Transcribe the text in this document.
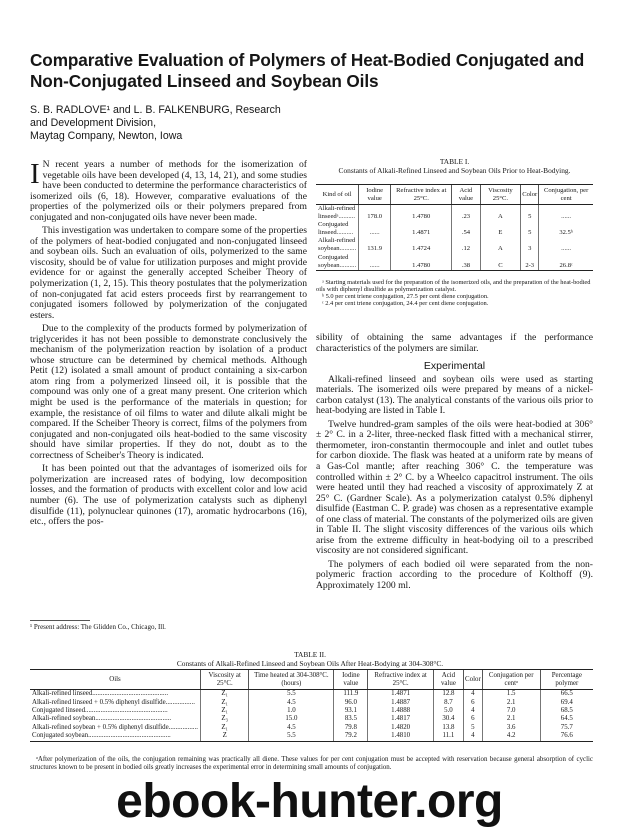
Comparative Evaluation of Polymers of Heat-Bodied Conjugated and Non-Conjugated Linseed and Soybean Oils
S. B. RADLOVE¹ and L. B. FALKENBURG, Research
and Development Division,
Maytag Company, Newton, Iowa

I N recent years a number of methods for the isomerization of vegetable oils have been developed (4, 13, 14, 21), and some studies have been conducted to determine the performance characteristics of isomerized oils (6, 18). However, comparative evaluations of the properties of the polymerized oils or their polymers prepared from conjugated and non-conjugated oils have never been made.

This investigation was undertaken to compare some of the properties of the polymers of heat-bodied conjugated and non-conjugated linseed and soybean oils. Such an evaluation of oils, polymerized to the same viscosity, should be of value for utilization purposes and might provide evidence for or against the generally accepted Scheiber Theory of polymerization (1, 2, 15). This theory postulates that the polymerization of non-conjugated fat acid esters proceeds first by rearrangement to conjugated isomers followed by polymerization of the conjugated esters.

Due to the complexity of the products formed by polymerization of triglycerides it has not been possible to demonstrate conclusively the mechanism of the polymerization reaction by isolation of a product whose structure can be determined by chemical methods. Although Petit (12) isolated a small amount of product containing a six-carbon atom ring from a polymerized linseed oil, it is possible that the compound was only one of a great many present. One criterion which might be used is the performance of the materials in question; for example, the resistance of oil films to water and dilute alkali might be compared. If the Scheiber Theory is correct, films of the polymers from conjugated and non-conjugated oils heat-bodied to the same viscosity should have similar properties. If they do not, doubt as to the correctness of Scheiber's Theory is indicated.

It has been pointed out that the advantages of isomerized oils for polymerization are increased rates of bodying, low decomposition losses, and the formation of products with excellent color and low acid number (6). The use of polymerization catalysts such as diphenyl disulfide (11), polynuclear quinones (17), aromatic hydrocarbons (16), etc., offers the pos-

¹ Present address: The Glidden Co., Chicago, Ill.
TABLE I.
Constants of Alkali-Refined Linseed and Soybean Oils Prior to Heat-Bodying.
Kind of oil	Iodine value	Refractive index at 25°C.	Acid value	Viscosity 25°C.	Color	Conjugation, per cent
Alkali-refined						
linseedᵃ..........	178.0	1.4780	.23	A	5	......
Conjugated						
linseed..........	......	1.4871	.54	E	5	32.5ᵇ
Alkali-refined						
soybean..........	131.9	1.4724	.12	A	3	......
Conjugated						
soybean..........	......	1.4780	.38	C	2-3	26.8ᶜ
ᵃ Starting materials used for the preparation of the isomerized oils, and the preparation of the heat-bodied oils with diphenyl disulfide as polymerization catalyst.
ᵇ 5.0 per cent triene conjugation, 27.5 per cent diene conjugation.
ᶜ 2.4 per cent triene conjugation, 24.4 per cent diene conjugation.

sibility of obtaining the same advantages if the performance characteristics of the polymers are similar.

Experimental

Alkali-refined linseed and soybean oils were used as starting materials. The isomerized oils were prepared by means of a nickel-carbon catalyst (13). The analytical constants of the various oils prior to heat-bodying are listed in Table I.

Twelve hundred-gram samples of the oils were heat-bodied at 306° ± 2° C. in a 2-liter, three-necked flask fitted with a mechanical stirrer, thermometer, iron-constantin thermocouple and inlet and outlet tubes for carbon dioxide. The flask was heated at a uniform rate by means of a Gas-Col mantle; after reaching 306° C. the temperature was controlled within ± 2° C. by a Wheelco capacitrol instrument. The oils were heated until they had reached a viscosity of approximately Z at 25° C. (Gardner Scale). As a polymerization catalyst 0.5% diphenyl disulfide (Eastman C. P. grade) was chosen as a representative example of one class of material. The constants of the polymerized oils are given in Table II. The slight viscosity differences of the various oils which arise from the extreme difficulty in heat-bodying oil to a prescribed viscosity are not considered significant.

The polymers of each bodied oil were separated from the non-polymeric fraction according to the procedure of Kolthoff (9). Approximately 1200 ml.

TABLE II.
Constants of Alkali-Refined Linseed and Soybean Oils After Heat-Bodying at 304-308°C.
Oils	Viscosity at 25°C.	Time heated at 304-308°C. (hours)	Iodine value	Refractive index at 25°C.	Acid value	Color	Conjugation per centᵃ	Percentage polymer
Alkali-refined linseed............................................	Z₁	5.5	111.9	1.4871	12.8	4	1.5	66.5
Alkali-refined linseed + 0.5% diphenyl disulfide.................	Z₁	4.5	96.0	1.4887	8.7	6	2.1	69.4
Conjugated linseed................................................	Z₁	1.0	93.1	1.4888	5.0	4	7.0	68.5
Alkali-refined soybean............................................	Z₃	15.0	83.5	1.4817	30.4	6	2.1	64.5
Alkali-refined soybean + 0.5% diphenyl disulfide.................	Z₁	4.5	79.8	1.4820	13.8	5	3.6	75.7
Conjugated soybean................................................	Z	5.5	79.2	1.4810	11.1	4	4.2	76.6
ᵃAfter polymerization of the oils, the conjugation remaining was practically all diene. These values for per cent conjugation must be accepted with reservation because general absorption of cyclic structures known to be present in bodied oils greatly increases the experimental error in determining small amounts of conjugation.
ebook-hunter.org
